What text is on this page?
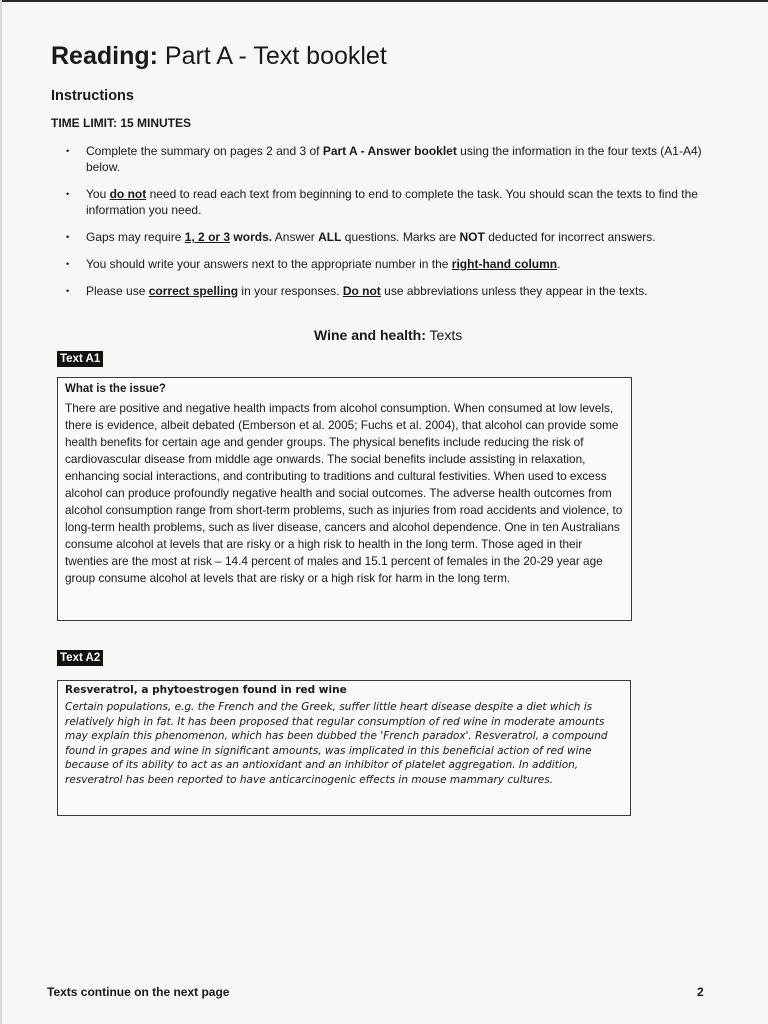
Reading: Part A - Text booklet
Instructions
TIME LIMIT: 15 MINUTES
• Complete the summary on pages 2 and 3 of Part A - Answer booklet using the information in the four texts (A1-A4) below.
• You do not need to read each text from beginning to end to complete the task. You should scan the texts to find the information you need.
• Gaps may require 1, 2 or 3 words. Answer ALL questions. Marks are NOT deducted for incorrect answers.
• You should write your answers next to the appropriate number in the right-hand column.
• Please use correct spelling in your responses. Do not use abbreviations unless they appear in the texts.
Wine and health: Texts
Text A1
What is the issue?
There are positive and negative health impacts from alcohol consumption. When consumed at low levels, there is evidence, albeit debated (Emberson et al. 2005; Fuchs et al. 2004), that alcohol can provide some health benefits for certain age and gender groups. The physical benefits include reducing the risk of cardiovascular disease from middle age onwards. The social benefits include assisting in relaxation, enhancing social interactions, and contributing to traditions and cultural festivities. When used to excess alcohol can produce profoundly negative health and social outcomes. The adverse health outcomes from alcohol consumption range from short-term problems, such as injuries from road accidents and violence, to long-term health problems, such as liver disease, cancers and alcohol dependence. One in ten Australians consume alcohol at levels that are risky or a high risk to health in the long term. Those aged in their twenties are the most at risk – 14.4 percent of males and 15.1 percent of females in the 20-29 year age group consume alcohol at levels that are risky or a high risk for harm in the long term.
Text A2
Resveratrol, a phytoestrogen found in red wine
Certain populations, e.g. the French and the Greek, suffer little heart disease despite a diet which is relatively high in fat. It has been proposed that regular consumption of red wine in moderate amounts may explain this phenomenon, which has been dubbed the 'French paradox'. Resveratrol, a compound found in grapes and wine in significant amounts, was implicated in this beneficial action of red wine because of its ability to act as an antioxidant and an inhibitor of platelet aggregation. In addition, resveratrol has been reported to have anticarcinogenic effects in mouse mammary cultures.
Texts continue on the next page	2
